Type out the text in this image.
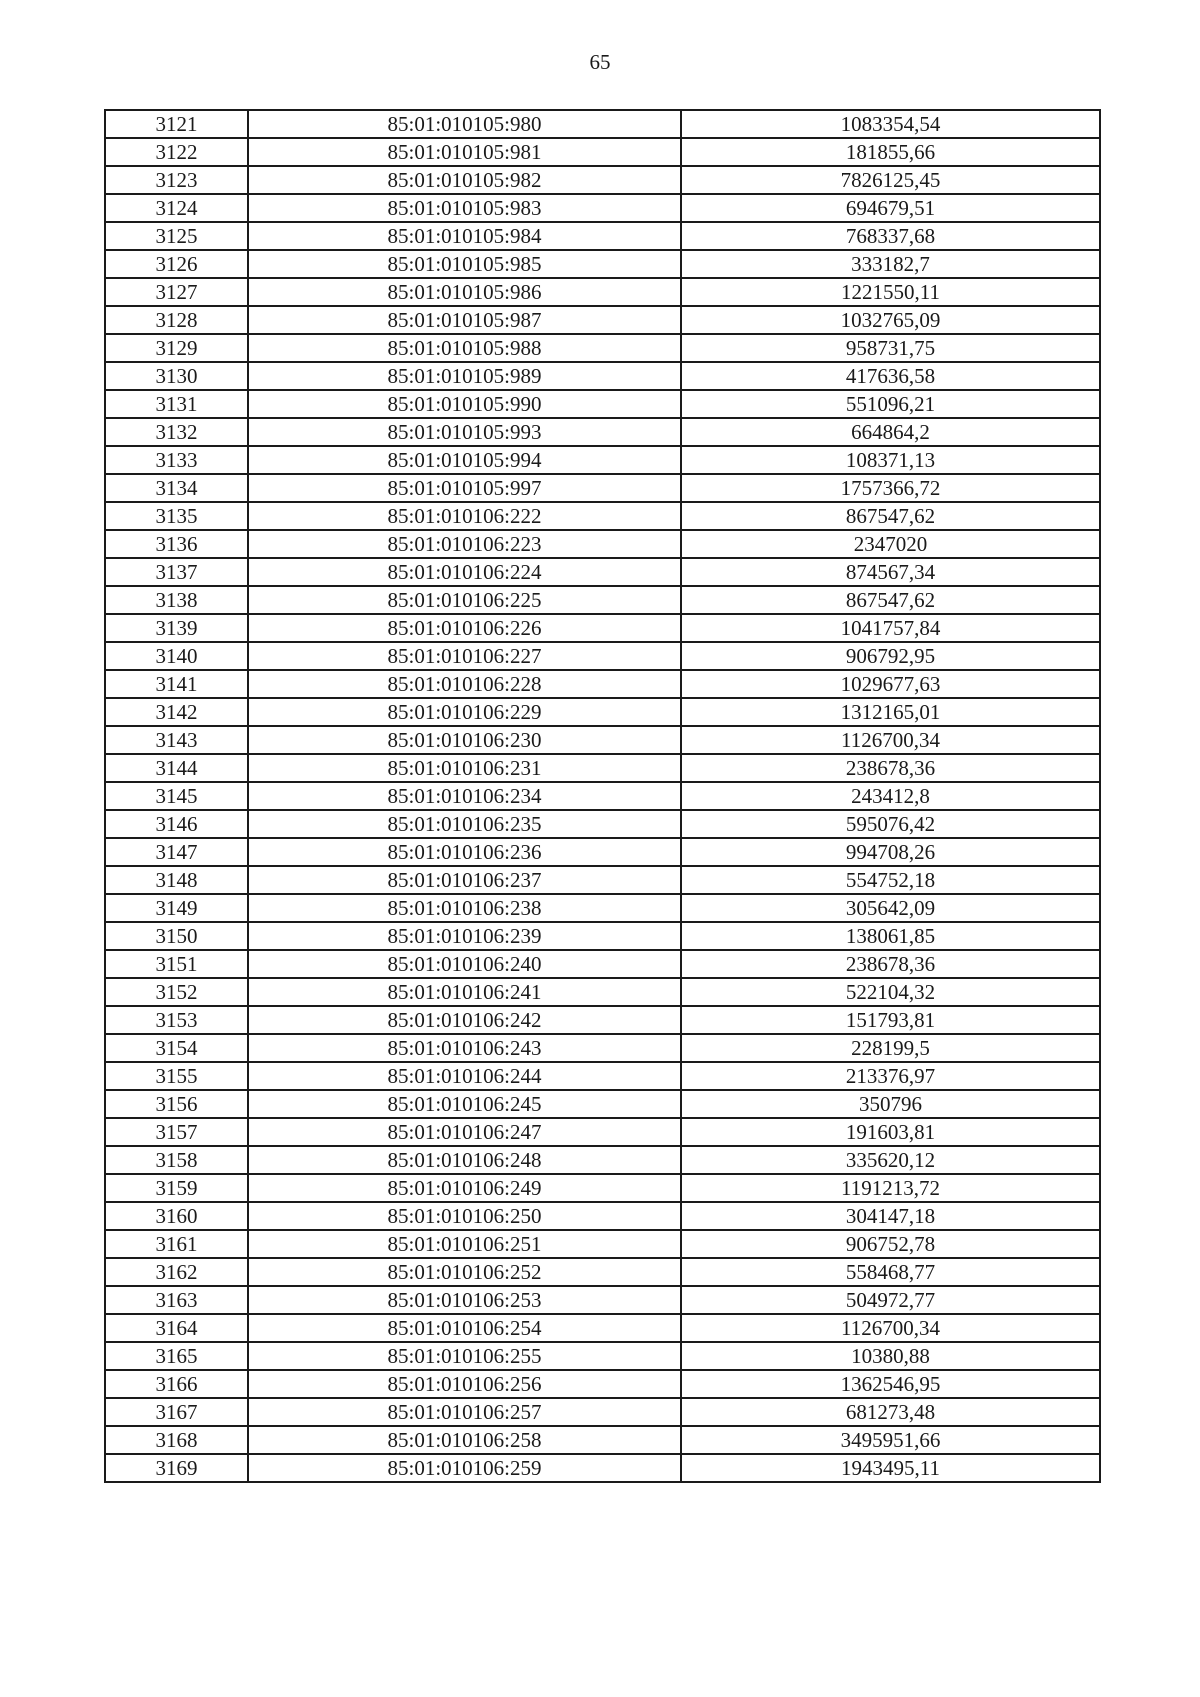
65
3121	85:01:010105:980	1083354,54
3122	85:01:010105:981	181855,66
3123	85:01:010105:982	7826125,45
3124	85:01:010105:983	694679,51
3125	85:01:010105:984	768337,68
3126	85:01:010105:985	333182,7
3127	85:01:010105:986	1221550,11
3128	85:01:010105:987	1032765,09
3129	85:01:010105:988	958731,75
3130	85:01:010105:989	417636,58
3131	85:01:010105:990	551096,21
3132	85:01:010105:993	664864,2
3133	85:01:010105:994	108371,13
3134	85:01:010105:997	1757366,72
3135	85:01:010106:222	867547,62
3136	85:01:010106:223	2347020
3137	85:01:010106:224	874567,34
3138	85:01:010106:225	867547,62
3139	85:01:010106:226	1041757,84
3140	85:01:010106:227	906792,95
3141	85:01:010106:228	1029677,63
3142	85:01:010106:229	1312165,01
3143	85:01:010106:230	1126700,34
3144	85:01:010106:231	238678,36
3145	85:01:010106:234	243412,8
3146	85:01:010106:235	595076,42
3147	85:01:010106:236	994708,26
3148	85:01:010106:237	554752,18
3149	85:01:010106:238	305642,09
3150	85:01:010106:239	138061,85
3151	85:01:010106:240	238678,36
3152	85:01:010106:241	522104,32
3153	85:01:010106:242	151793,81
3154	85:01:010106:243	228199,5
3155	85:01:010106:244	213376,97
3156	85:01:010106:245	350796
3157	85:01:010106:247	191603,81
3158	85:01:010106:248	335620,12
3159	85:01:010106:249	1191213,72
3160	85:01:010106:250	304147,18
3161	85:01:010106:251	906752,78
3162	85:01:010106:252	558468,77
3163	85:01:010106:253	504972,77
3164	85:01:010106:254	1126700,34
3165	85:01:010106:255	10380,88
3166	85:01:010106:256	1362546,95
3167	85:01:010106:257	681273,48
3168	85:01:010106:258	3495951,66
3169	85:01:010106:259	1943495,11
